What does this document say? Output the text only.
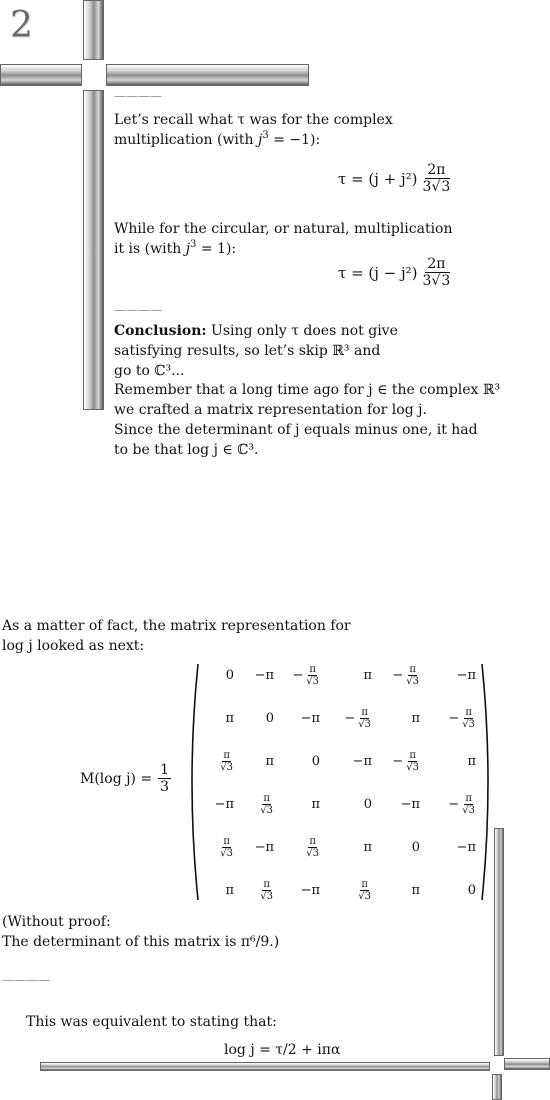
2
————
Let’s recall what τ was for the complex
multiplication (with $j^3 = -1$):
$\tau = (j + j^2) \frac{2\pi}{3√3}$
While for the circular, or natural, multiplication
it is (with $j^3 = 1$):
$\tau = (j - j^2) \frac{2\pi}{3√3}$
————
Conclusion: Using only τ does not give
satisfying results, so let’s skip ℝ³ and
go to ℂ³...
Remember that a long time ago for j ∈ the complex ℝ³
we crafted a matrix representation for log j.
Since the determinant of j equals minus one, it had
to be that log j ∈ ℂ³.
As a matter of fact, the matrix representation for
log j looked as next:
M(log $j) = \frac{1}{3}$
0	−π	− $\frac{\pi}{√3}$	π	− $\frac{\pi}{√3}$	−π
π	0	−π	− $\frac{\pi}{√3}$	π	− $\frac{\pi}{√3}$

$\frac{\pi}{√3}$	π	0	−π	− $\frac{\pi}{√3}$	π
−π	$\frac{\pi}{√3}$	π	0	−π	− $\frac{\pi}{√3}$

$\frac{\pi}{√3}$	−π	$\frac{\pi}{√3}$	π	0	−π
π	$\frac{\pi}{√3}$	−π	$\frac{\pi}{√3}$	π	0
(Without proof:
The determinant of this matrix is π⁶/9.)
————
This was equivalent to stating that:
log j = τ/2 + iπα
